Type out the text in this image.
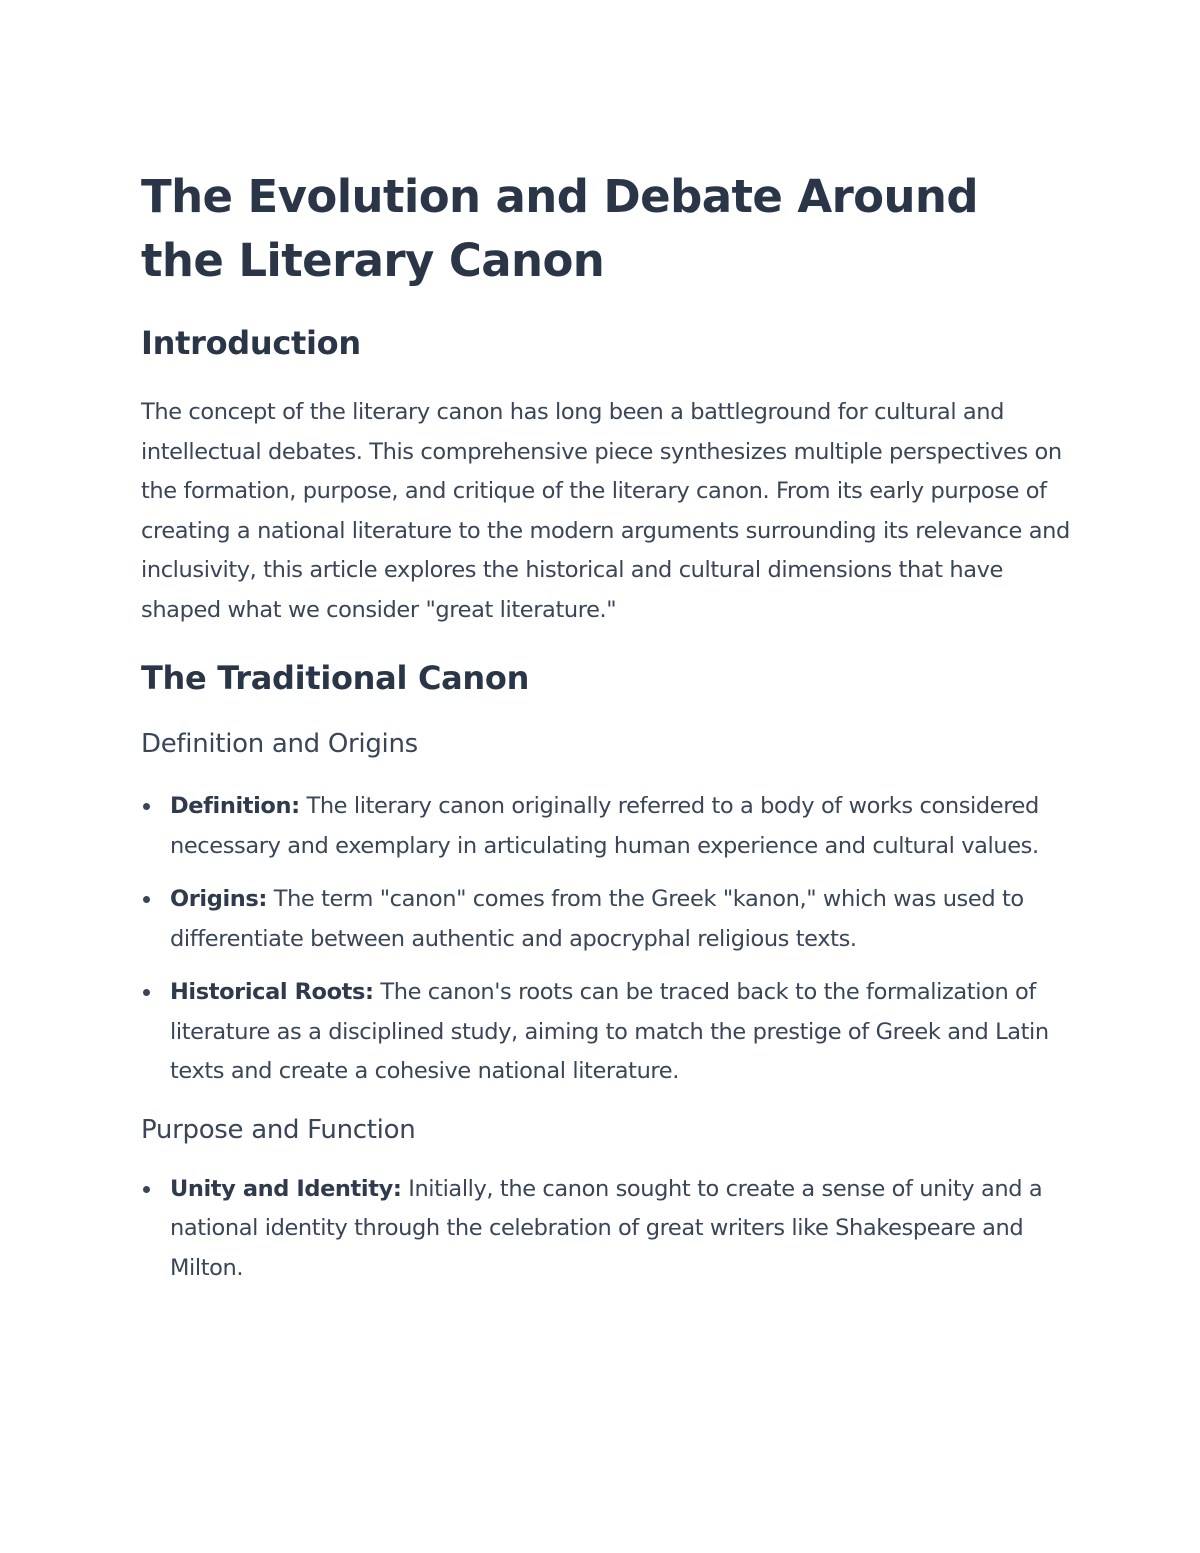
The Evolution and Debate Around the Literary Canon
Introduction

The concept of the literary canon has long been a battleground for cultural and intellectual debates. This comprehensive piece synthesizes multiple perspectives on the formation, purpose, and critique of the literary canon. From its early purpose of creating a national literature to the modern arguments surrounding its relevance and inclusivity, this article explores the historical and cultural dimensions that have shaped what we consider "great literature."

The Traditional Canon
Definition and Origins
Definition: The literary canon originally referred to a body of works considered necessary and exemplary in articulating human experience and cultural values.
Origins: The term "canon" comes from the Greek "kanon," which was used to differentiate between authentic and apocryphal religious texts.
Historical Roots: The canon's roots can be traced back to the formalization of literature as a disciplined study, aiming to match the prestige of Greek and Latin texts and create a cohesive national literature.
Purpose and Function
Unity and Identity: Initially, the canon sought to create a sense of unity and a national identity through the celebration of great writers like Shakespeare and Milton.
